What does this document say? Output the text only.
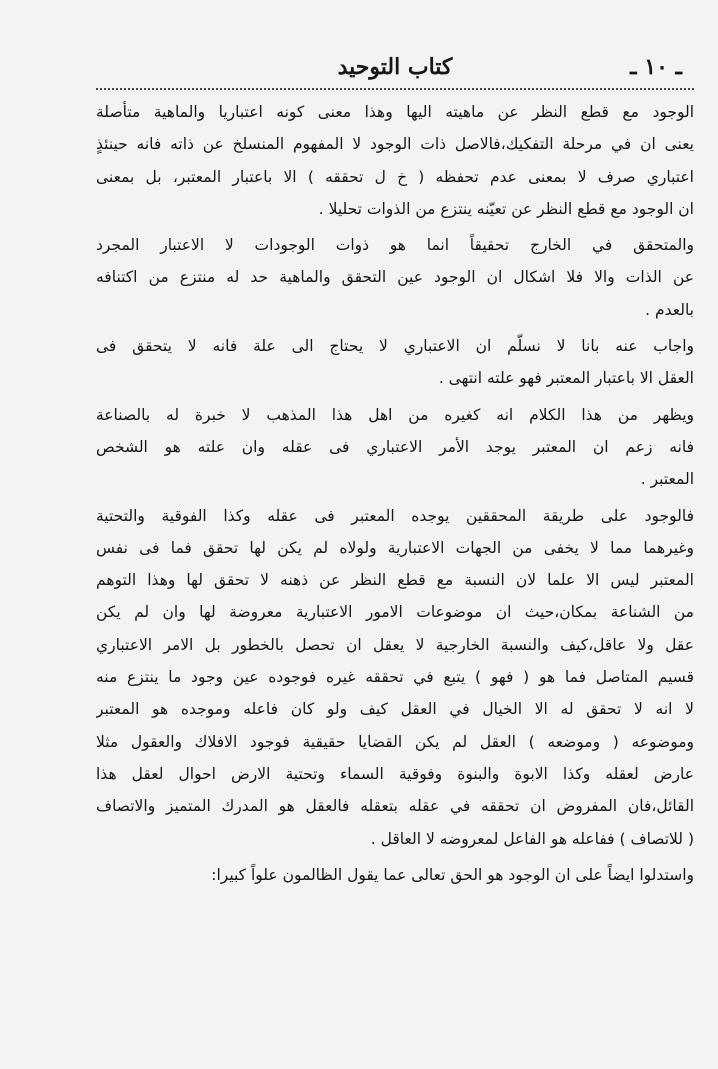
ـ ١٠ ـ
كتاب التوحيد
الوجود مع قطع النظر عن ماهيته اليها وهذا معنى كونه اعتباريا والماهية متأصلة
يعنى ان في مرحلة التفكيك،فالاصل ذات الوجود لا المفهوم المنسلخ عن ذاته فانه حينئذٍ
اعتباري صرف لا بمعنى عدم تحفظه ( خ ل تحققه ) الا باعتبار المعتبر، بل بمعنى
ان الوجود مع قطع النظر عن تعيّنه ينتزع من الذوات تحليلا .
والمتحقق في الخارج تحقيقاً انما هو ذوات الوجودات لا الاعتبار المجرد
عن الذات والا فلا اشكال ان الوجود عين التحقق والماهية حد له منتزع من اكتنافه
بالعدم .
واجاب عنه بانا لا نسلّم ان الاعتباري لا يحتاج الى علة فانه لا يتحقق فى
العقل الا باعتبار المعتبر فهو علته انتهى .
ويظهر من هذا الكلام انه كغيره من اهل هذا المذهب لا خبرة له بالصناعة
فانه زعم ان المعتبر يوجد الأمر الاعتباري فى عقله وان علته هو الشخص
المعتبر .
فالوجود على طريقة المحققين يوجده المعتبر فى عقله وكذا الفوقية والتحتية
وغيرهما مما لا يخفى من الجهات الاعتبارية ولولاه لم يكن لها تحقق فما فى نفس
المعتبر ليس الا علما لان النسبة مع قطع النظر عن ذهنه لا تحقق لها وهذا التوهم
من الشناعة بمكان،حيث ان موضوعات الامور الاعتبارية معروضة لها وان لم يكن
عقل ولا عاقل،كيف والنسبة الخارجية لا يعقل ان تحصل بالخطور بل الامر الاعتباري
قسيم المتاصل فما هو ( فهو ) يتبع في تحققه غيره فوجوده عين وجود ما ينتزع منه
لا انه لا تحقق له الا الخيال في العقل كيف ولو كان فاعله وموجده هو المعتبر
وموضوعه ( وموضعه ) العقل لم يكن القضايا حقيقية فوجود الافلاك والعقول مثلا
عارض لعقله وكذا الابوة والبنوة وفوقية السماء وتحتية الارض احوال لعقل هذا
القائل،فان المفروض ان تحققه في عقله بتعقله فالعقل هو المدرك المتميز والاتصاف
( للاتصاف ) ففاعله هو الفاعل لمعروضه لا العاقل .
واستدلوا ايضاً على ان الوجود هو الحق تعالى عما يقول الظالمون علواً كبيرا:
